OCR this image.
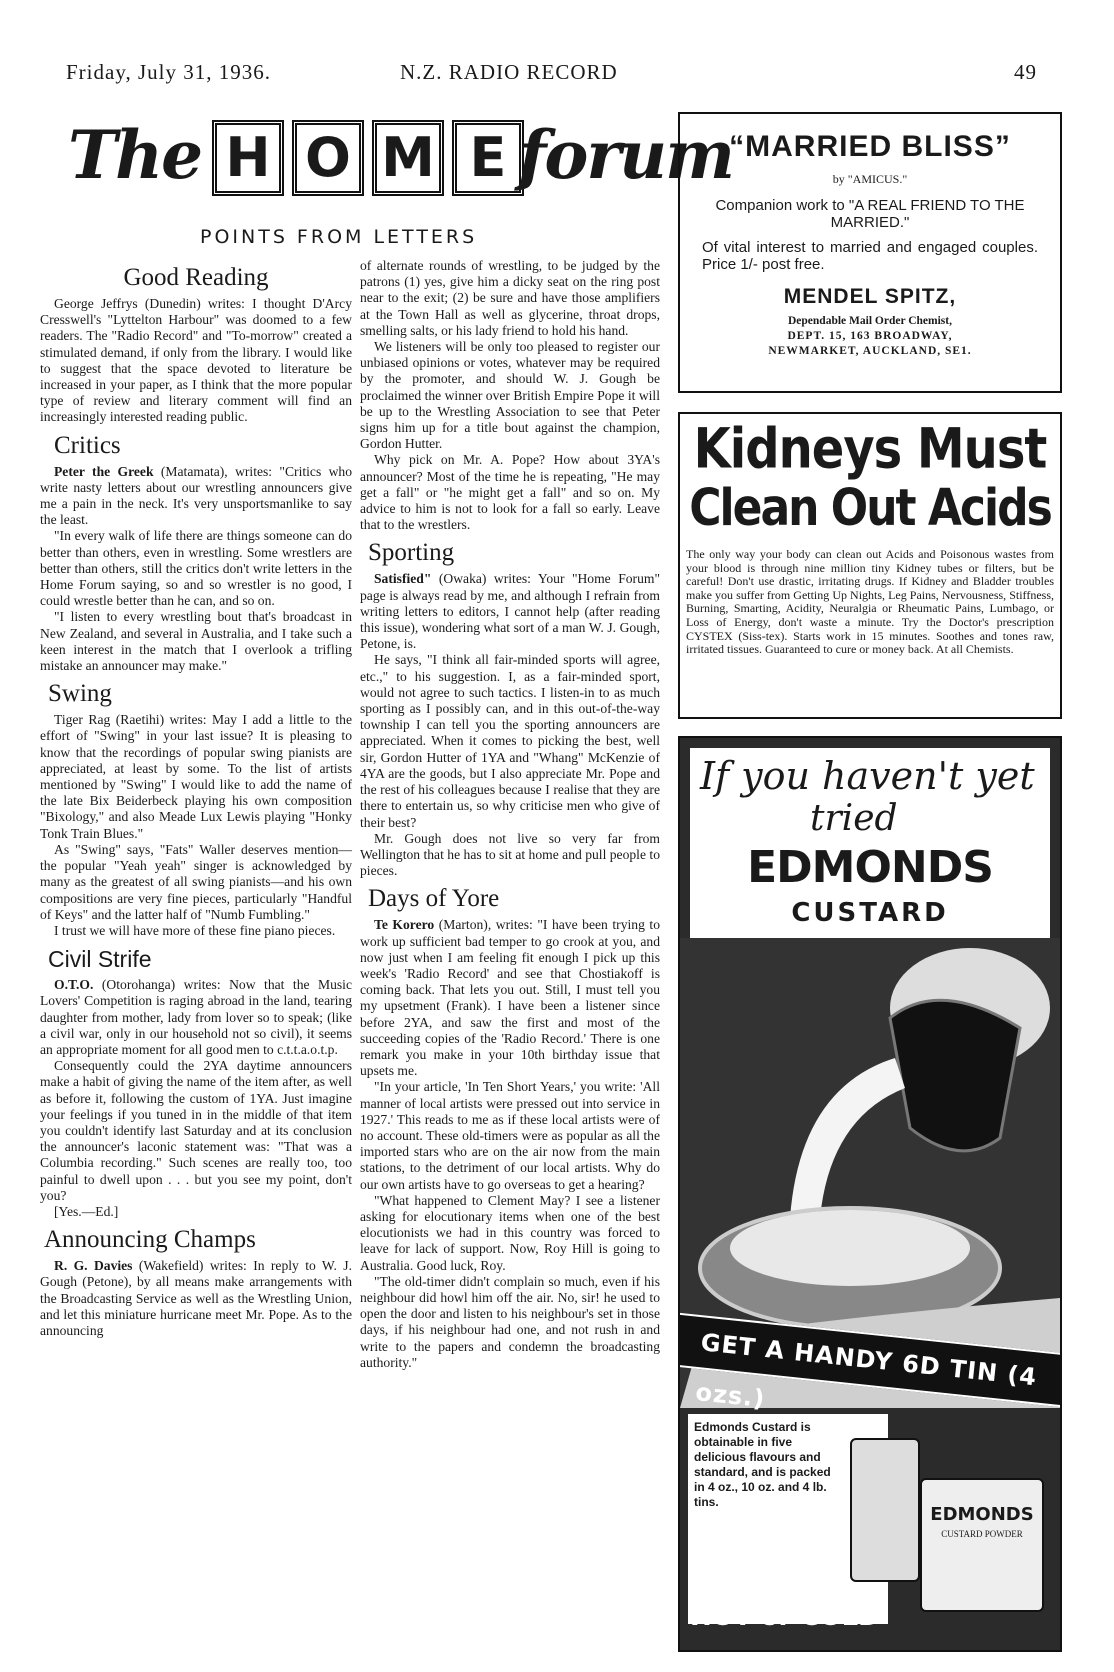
Friday, July 31, 1936.	N.Z. RADIO RECORD	49
The H O M E forum
POINTS FROM LETTERS
Good Reading

George Jeffrys (Dunedin) writes: I thought D'Arcy Cresswell's "Lyttelton Harbour" was doomed to a few readers. The "Radio Record" and "To-morrow" created a stimulated demand, if only from the library. I would like to suggest that the space devoted to literature be increased in your paper, as I think that the more popular type of review and literary comment will find an increasingly interested reading public.

Critics

Peter the Greek (Matamata), writes: "Critics who write nasty letters about our wrestling announcers give me a pain in the neck. It's very unsportsmanlike to say the least.

"In every walk of life there are things someone can do better than others, even in wrestling. Some wrestlers are better than others, still the critics don't write letters in the Home Forum saying, so and so wrestler is no good, I could wrestle better than he can, and so on.

"I listen to every wrestling bout that's broadcast in New Zealand, and several in Australia, and I take such a keen interest in the match that I overlook a trifling mistake an announcer may make."

Swing

Tiger Rag (Raetihi) writes: May I add a little to the effort of "Swing" in your last issue? It is pleasing to know that the recordings of popular swing pianists are appreciated, at least by some. To the list of artists mentioned by "Swing" I would like to add the name of the late Bix Beiderbeck playing his own composition "Bixology," and also Meade Lux Lewis playing "Honky Tonk Train Blues."

As "Swing" says, "Fats" Waller deserves mention—the popular "Yeah yeah" singer is acknowledged by many as the greatest of all swing pianists—and his own compositions are very fine pieces, particularly "Handful of Keys" and the latter half of "Numb Fumbling."

I trust we will have more of these fine piano pieces.

Civil Strife

O.T.O. (Otorohanga) writes: Now that the Music Lovers' Competition is raging abroad in the land, tearing daughter from mother, lady from lover so to speak; (like a civil war, only in our household not so civil), it seems an appropriate moment for all good men to c.t.t.a.o.t.p.

Consequently could the 2YA daytime announcers make a habit of giving the name of the item after, as well as before it, following the custom of 1YA. Just imagine your feelings if you tuned in in the middle of that item you couldn't identify last Saturday and at its conclusion the announcer's laconic statement was: "That was a Columbia recording." Such scenes are really too, too painful to dwell upon . . . but you see my point, don't you?

[Yes.—Ed.]

Announcing Champs

R. G. Davies (Wakefield) writes: In reply to W. J. Gough (Petone), by all means make arrangements with the Broadcasting Service as well as the Wrestling Union, and let this miniature hurricane meet Mr. Pope. As to the announcing

of alternate rounds of wrestling, to be judged by the patrons (1) yes, give him a dicky seat on the ring post near to the exit; (2) be sure and have those amplifiers at the Town Hall as well as glycerine, throat drops, smelling salts, or his lady friend to hold his hand.

We listeners will be only too pleased to register our unbiased opinions or votes, whatever may be required by the promoter, and should W. J. Gough be proclaimed the winner over British Empire Pope it will be up to the Wrestling Association to see that Peter signs him up for a title bout against the champion, Gordon Hutter.

Why pick on Mr. A. Pope? How about 3YA's announcer? Most of the time he is repeating, "He may get a fall" or "he might get a fall" and so on. My advice to him is not to look for a fall so early. Leave that to the wrestlers.

Sporting

Satisfied" (Owaka) writes: Your "Home Forum" page is always read by me, and although I refrain from writing letters to editors, I cannot help (after reading this issue), wondering what sort of a man W. J. Gough, Petone, is.

He says, "I think all fair-minded sports will agree, etc.," to his suggestion. I, as a fair-minded sport, would not agree to such tactics. I listen-in to as much sporting as I possibly can, and in this out-of-the-way township I can tell you the sporting announcers are appreciated. When it comes to picking the best, well sir, Gordon Hutter of 1YA and "Whang" McKenzie of 4YA are the goods, but I also appreciate Mr. Pope and the rest of his colleagues because I realise that they are there to entertain us, so why criticise men who give of their best?

Mr. Gough does not live so very far from Wellington that he has to sit at home and pull people to pieces.

Days of Yore

Te Korero (Marton), writes: "I have been trying to work up sufficient bad temper to go crook at you, and now just when I am feeling fit enough I pick up this week's 'Radio Record' and see that Chostiakoff is coming back. That lets you out. Still, I must tell you my upsetment (Frank). I have been a listener since before 2YA, and saw the first and most of the succeeding copies of the 'Radio Record.' There is one remark you make in your 10th birthday issue that upsets me.

"In your article, 'In Ten Short Years,' you write: 'All manner of local artists were pressed out into service in 1927.' This reads to me as if these local artists were of no account. These old-timers were as popular as all the imported stars who are on the air now from the main stations, to the detriment of our local artists. Why do our own artists have to go overseas to get a hearing?

"What happened to Clement May? I see a listener asking for elocutionary items when one of the best elocutionists we had in this country was forced to leave for lack of support. Now, Roy Hill is going to Australia. Good luck, Roy.

"The old-timer didn't complain so much, even if his neighbour did howl him off the air. No, sir! he used to open the door and listen to his neighbour's set in those days, if his neighbour had one, and not rush in and write to the papers and condemn the broadcasting authority."

“MARRIED BLISS”
by "AMICUS."
Companion work to "A REAL FRIEND TO THE MARRIED."
Of vital interest to married and engaged couples. Price 1/- post free.
MENDEL SPITZ,
Dependable Mail Order Chemist,
DEPT. 15, 163 BROADWAY,
NEWMARKET, AUCKLAND, SE1.
Kidneys Must
Clean Out Acids
The only way your body can clean out Acids and Poisonous wastes from your blood is through nine million tiny Kidney tubes or filters, but be careful! Don't use drastic, irritating drugs. If Kidney and Bladder troubles make you suffer from Getting Up Nights, Leg Pains, Nervousness, Stiffness, Burning, Smarting, Acidity, Neuralgia or Rheumatic Pains, Lumbago, or Loss of Energy, don't waste a minute. Try the Doctor's prescription CYSTEX (Siss-tex). Starts work in 15 minutes. Soothes and tones raw, irritated tissues. Guaranteed to cure or money back. At all Chemists.
If you haven't yet
tried
EDMONDS
CUSTARD
GET A HANDY 6D TIN (4 ozs.)
Edmonds Custard is obtainable in five delicious flavours and standard, and is packed in 4 oz., 10 oz. and 4 lb. tins.
622
EDMONDS
CUSTARD POWDER
Serve it
HOT or COLD
